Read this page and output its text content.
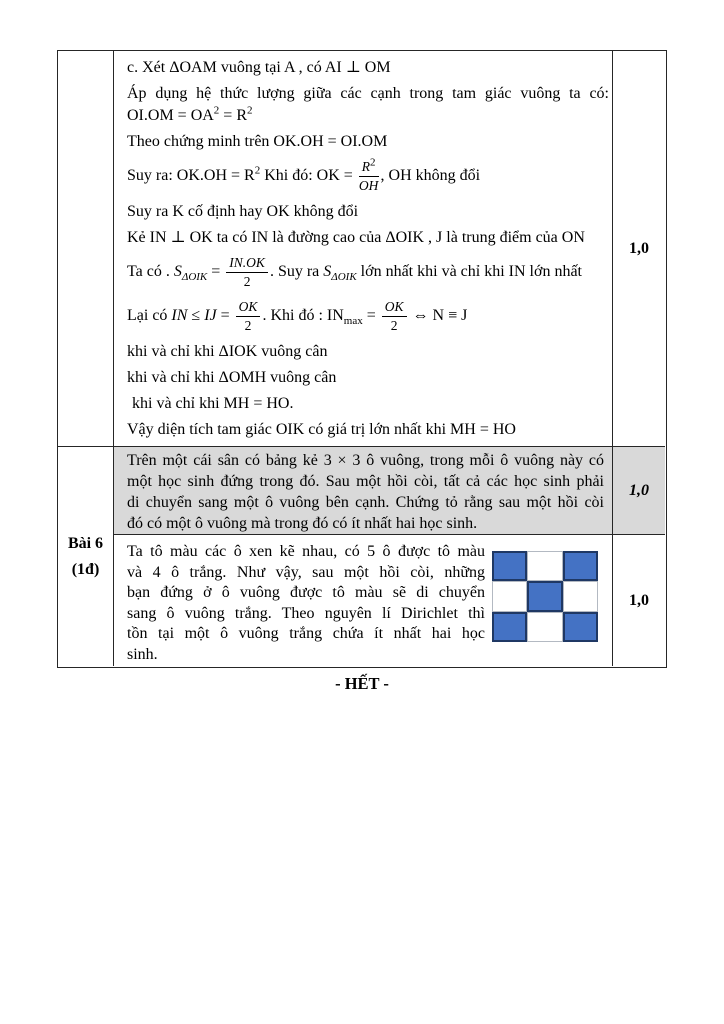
c. Xét ΔOAM vuông tại A , có AI ⊥ OM
Áp dụng hệ thức lượng giữa các cạnh trong tam giác vuông ta có:
$OI.OM = OA^2 = R^2$
Theo chứng minh trên OK.OH = OI.OM
Suy ra: $OK.OH = R^2$ Khi đó: OK = $\frac{R^2}{OH}$ , OH không đổi
Suy ra K cố định hay OK không đổi
Kẻ IN ⊥ OK ta có IN là đường cao của ΔOIK , J là trung điểm của ON
Ta có . $S_{\Delta OIK} = \frac{IN.OK}{2}$ . Suy ra $S_{\Delta OIK}$ lớn nhất khi và chỉ khi IN lớn nhất
Lại có IN ≤ IJ = $\frac{OK}{2}$ . Khi đó : $IN_{max} = \frac{OK}{2}$ ⇔ N ≡ J
khi và chỉ khi ΔIOK vuông cân
khi và chỉ khi ΔOMH vuông cân
khi và chỉ khi MH = HO.
Vậy diện tích tam giác OIK có giá trị lớn nhất khi MH = HO
1,0
Bài 6
(1đ)
Trên một cái sân có bảng kẻ 3 × 3 ô vuông, trong mỗi ô vuông này có
một học sinh đứng trong đó. Sau một hồi còi, tất cả các học sinh phải
di chuyển sang một ô vuông bên cạnh. Chứng tỏ rằng sau một hồi còi
đó có một ô vuông mà trong đó có ít nhất hai học sinh.
1,0
Ta tô màu các ô xen kẽ nhau, có 5 ô được tô màu
và 4 ô trắng. Như vậy, sau một hồi còi, những
bạn đứng ở ô vuông được tô màu sẽ di chuyển
sang ô vuông trắng. Theo nguyên lí Dirichlet thì
tồn tại một ô vuông trắng chứa ít nhất hai học
sinh.
1,0
- HẾT -
